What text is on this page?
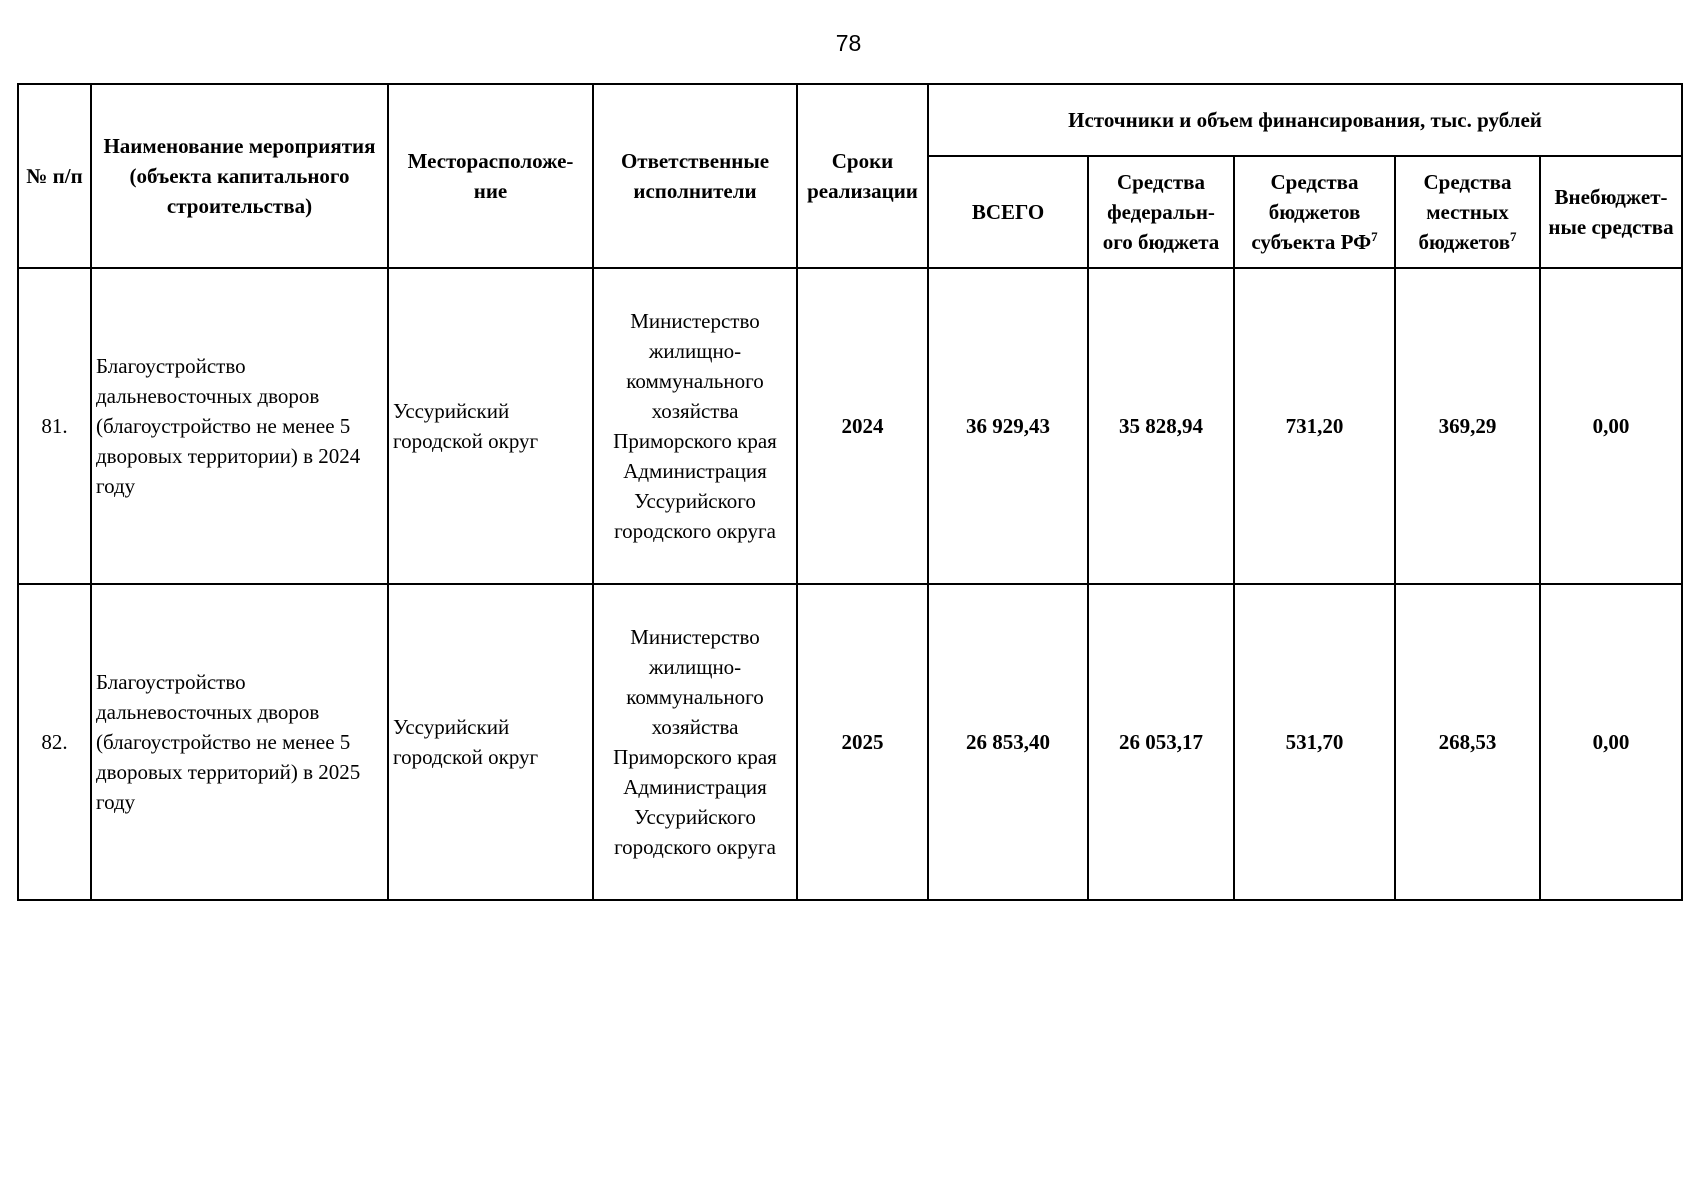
78
№ п/п	Наименование мероприятия (объекта капитального строительства)	Месторасположе-ние	Ответственные исполнители	Сроки реализации	Источники и объем финансирования, тыс. рублей				
					ВСЕГО	Средства федеральн-ого бюджета	Средства бюджетов субъекта $РФ^7$	Средства местных бюджетов$^7$	Внебюджет-ные средства
81.	Благоустройство дальневосточных дворов (благоустройство не менее 5 дворовых территории) в 2024 году	Уссурийский городской округ	Министерство жилищно-коммунального хозяйства Приморского края Администрация Уссурийского городского округа	2024	36 929,43	35 828,94	731,20	369,29	0,00
82.	Благоустройство дальневосточных дворов (благоустройство не менее 5 дворовых территорий) в 2025 году	Уссурийский городской округ	Министерство жилищно-коммунального хозяйства Приморского края Администрация Уссурийского городского округа	2025	26 853,40	26 053,17	531,70	268,53	0,00
